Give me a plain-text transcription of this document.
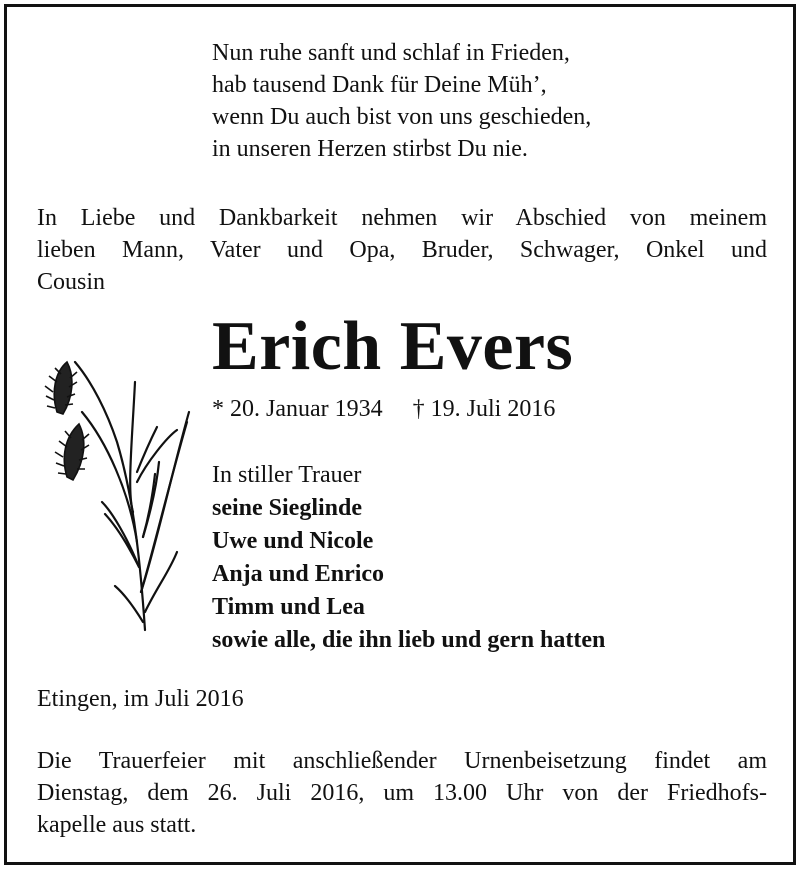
Nun ruhe sanft und schlaf in Frieden,
hab tausend Dank für Deine Müh’,
wenn Du auch bist von uns geschieden,
in unseren Herzen stirbst Du nie.
In Liebe und Dankbarkeit nehmen wir Abschied von meinem
lieben Mann, Vater und Opa, Bruder, Schwager, Onkel und
Cousin
Erich Evers
* 20. Januar 1934 † 19. Juli 2016
In stiller Trauer
seine Sieglinde
Uwe und Nicole
Anja und Enrico
Timm und Lea
sowie alle, die ihn lieb und gern hatten
Etingen, im Juli 2016
Die Trauerfeier mit anschließender Urnenbeisetzung findet am
Dienstag, dem 26. Juli 2016, um 13.00 Uhr von der Friedhofs-
kapelle aus statt.
